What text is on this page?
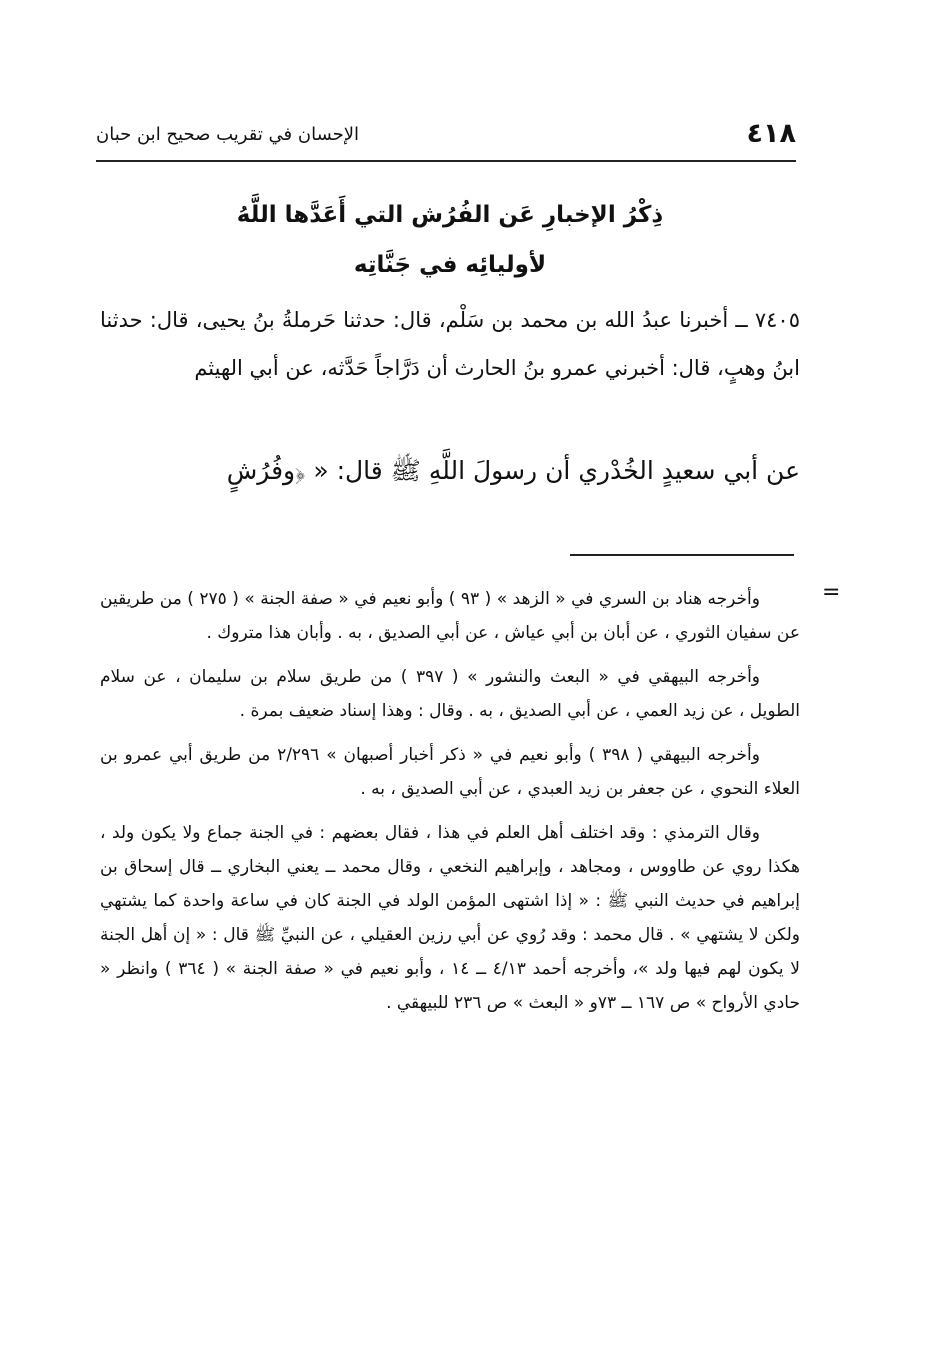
٤١٨
الإحسان في تقريب صحيح ابن حبان
ذِكْرُ الإخبارِ عَن الفُرُش التي أَعَدَّها اللَّهُ
لأوليائِه في جَنَّاتِه
٧٤٠٥ ــ أخبرنا عبدُ الله بن محمد بن سَلْم، قال: حدثنا حَرملةُ بنُ يحيى، قال: حدثنا ابنُ وهبٍ، قال: أخبرني عمرو بنُ الحارث أن دَرَّاجاً حَدَّثه، عن أبي الهيثم
عن أبي سعيدٍ الخُدْري أن رسولَ اللَّهِ ﷺ قال: « ﴿وفُرُشٍ
=

وأخرجه هناد بن السري في « الزهد » ( ٩٣ ) وأبو نعيم في « صفة الجنة » ( ٢٧٥ ) من طريقين عن سفيان الثوري ، عن أبان بن أبي عياش ، عن أبي الصديق ، به . وأبان هذا متروك .

وأخرجه البيهقي في « البعث والنشور » ( ٣٩٧ ) من طريق سلام بن سليمان ، عن سلام الطويل ، عن زيد العمي ، عن أبي الصديق ، به . وقال : وهذا إسناد ضعيف بمرة .

وأخرجه البيهقي ( ٣٩٨ ) وأبو نعيم في « ذكر أخبار أصبهان » ٢/٢٩٦ من طريق أبي عمرو بن العلاء النحوي ، عن جعفر بن زيد العبدي ، عن أبي الصديق ، به .

وقال الترمذي : وقد اختلف أهل العلم في هذا ، فقال بعضهم : في الجنة جماع ولا يكون ولد ، هكذا روي عن طاووس ، ومجاهد ، وإبراهيم النخعي ، وقال محمد ــ يعني البخاري ــ قال إسحاق بن إبراهيم في حديث النبي ﷺ : « إذا اشتهى المؤمن الولد في الجنة كان في ساعة واحدة كما يشتهي ولكن لا يشتهي » . قال محمد : وقد رُوي عن أبي رزين العقيلي ، عن النبيِّ ﷺ قال : « إن أهل الجنة لا يكون لهم فيها ولد »، وأخرجه أحمد ٤/١٣ ــ ١٤ ، وأبو نعيم في « صفة الجنة » ( ٣٦٤ ) وانظر « حادي الأرواح » ص ١٦٧ ــ ٧٣و « البعث » ص ٢٣٦ للبيهقي .
